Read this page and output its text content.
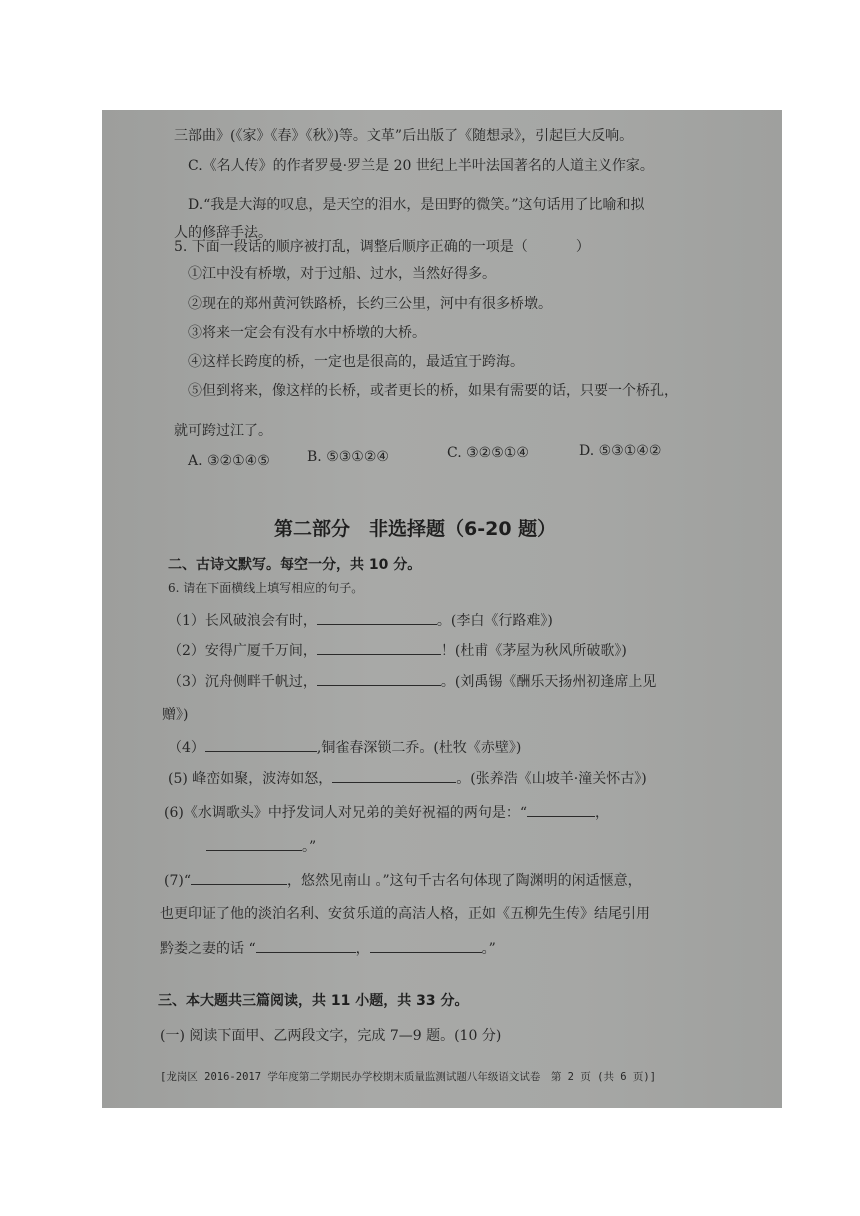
三部曲》(《家》《春》《秋》)等。文革”后出版了《随想录》，引起巨大反响。
C.《名人传》的作者罗曼·罗兰是 20 世纪上半叶法国著名的人道主义作家。
D.“我是大海的叹息，是天空的泪水，是田野的微笑。”这句话用了比喻和拟
人的修辞手法。
5. 下面一段话的顺序被打乱，调整后顺序正确的一项是（	）
①江中没有桥墩，对于过船、过水，当然好得多。
②现在的郑州黄河铁路桥，长约三公里，河中有很多桥墩。
③将来一定会有没有水中桥墩的大桥。
④这样长跨度的桥，一定也是很高的，最适宜于跨海。
⑤但到将来，像这样的长桥，或者更长的桥，如果有需要的话，只要一个桥孔，
就可跨过江了。
A. ③②①④⑤	B. ⑤③①②④	C. ③②⑤①④	D. ⑤③①④②
第二部分　非选择题（6-20 题）
二、古诗文默写。每空一分，共 10 分。
6. 请在下面横线上填写相应的句子。
（1）长风破浪会有时，	。(李白《行路难》)
（2）安得广厦千万间，	！(杜甫《茅屋为秋风所破歌》)
（3）沉舟侧畔千帆过，	。(刘禹锡《酬乐天扬州初逢席上见
赠》)
（4）	,铜雀春深锁二乔。(杜牧《赤壁》)
(5) 峰峦如聚，波涛如怒，	。(张养浩《山坡羊·潼关怀古》)
(6)《水调歌头》中抒发词人对兄弟的美好祝福的两句是：“	，
。”
(7)“	，悠然见南山 。”这句千古名句体现了陶渊明的闲适惬意，
也更印证了他的淡泊名利、安贫乐道的高洁人格，正如《五柳先生传》结尾引用
黔娄之妻的话 “	，	。”
三、本大题共三篇阅读，共 11 小题，共 33 分。
(一) 阅读下面甲、乙两段文字，完成 7—9 题。(10 分)
[龙岗区 2016-2017 学年度第二学期民办学校期末质量监测试题八年级语文试卷　第 2 页 (共 6 页)]
